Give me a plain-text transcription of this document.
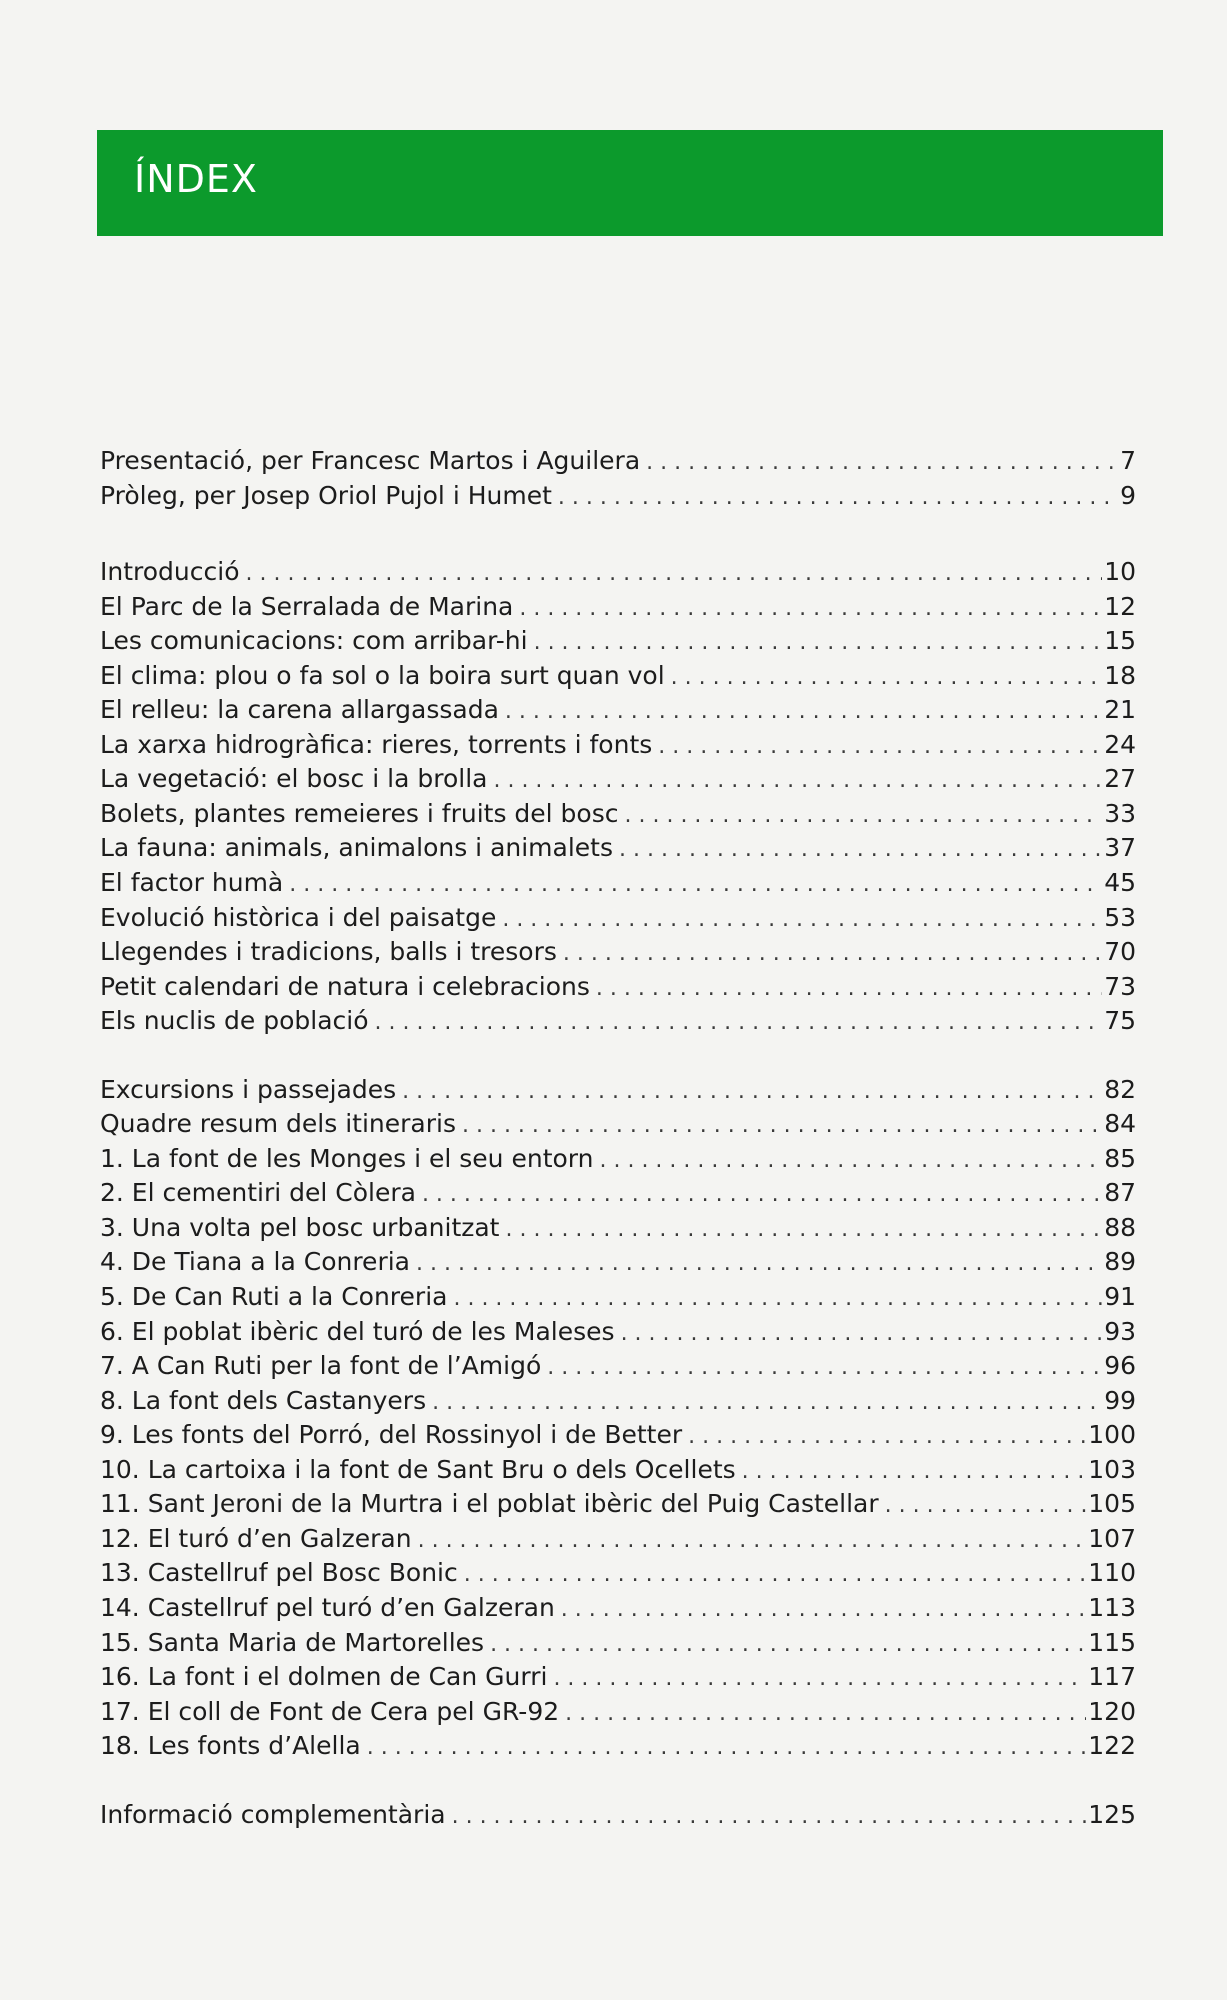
ÍNDEX
Presentació, per Francesc Martos i Aguilera . . .	7
Pròleg, per Josep Oriol Pujol i Humet . . .	9
Introducció . . .	10
El Parc de la Serralada de Marina . . .	12
Les comunicacions: com arribar-hi . . .	15
El clima: plou o fa sol o la boira surt quan vol . . .	18
El relleu: la carena allargassada . . .	21
La xarxa hidrogràfica: rieres, torrents i fonts . . .	24
La vegetació: el bosc i la brolla . . .	27
Bolets, plantes remeieres i fruits del bosc . . .	33
La fauna: animals, animalons i animalets . . .	37
El factor humà . . .	45
Evolució històrica i del paisatge . . .	53
Llegendes i tradicions, balls i tresors . . .	70
Petit calendari de natura i celebracions . . .	73
Els nuclis de població . . .	75
Excursions i passejades . . .	82
Quadre resum dels itineraris . . .	84
1. La font de les Monges i el seu entorn . . .	85
2. El cementiri del Còlera . . .	87
3. Una volta pel bosc urbanitzat . . .	88
4. De Tiana a la Conreria . . .	89
5. De Can Ruti a la Conreria . . .	91
6. El poblat ibèric del turó de les Maleses . . .	93
7. A Can Ruti per la font de l’Amigó . . .	96
8. La font dels Castanyers . . .	99
9. Les fonts del Porró, del Rossinyol i de Better . . .	100
10. La cartoixa i la font de Sant Bru o dels Ocellets . . .	103
11. Sant Jeroni de la Murtra i el poblat ibèric del Puig Castellar . . .	105
12. El turó d’en Galzeran . . .	107
13. Castellruf pel Bosc Bonic . . .	110
14. Castellruf pel turó d’en Galzeran . . .	113
15. Santa Maria de Martorelles . . .	115
16. La font i el dolmen de Can Gurri . . .	117
17. El coll de Font de Cera pel GR-92 . . .	120
18. Les fonts d’Alella . . .	122
Informació complementària . . .	125
